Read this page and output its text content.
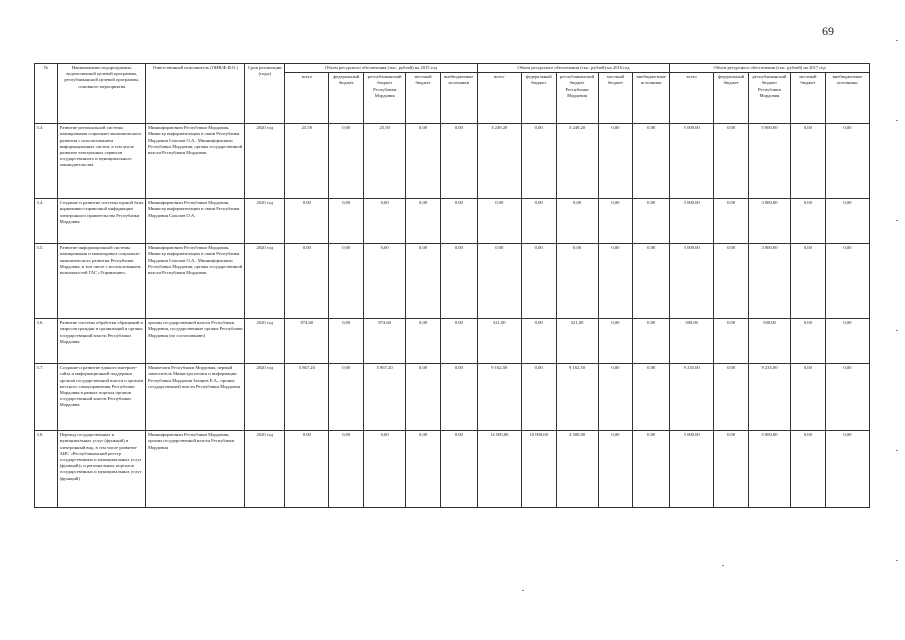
69
№	Наименование подпрограммы, ведомственной целевой программы, республиканской целевой программы, основного мероприятия	Ответственный исполнитель (ОИВ/Ф.И.О.)	Срок реализации (годы)	Объем ресурсного обеспечения (тыс. рублей) на 2015 год					Объем ресурсного обеспечения (тыс. рублей) на 2016 год					Объем ресурсного обеспечения (тыс. рублей) на 2017 год				
				всего	федеральный бюджет	республиканский бюджет Республики Мордовия	местный бюджет	внебюджетные источники	всего	федеральный бюджет	республиканский бюджет Республики Мордовия	местный бюджет	внебюджетные источники	всего	федеральный бюджет	республиканский бюджет Республики Мордовия	местный бюджет	внебюджетные источники
3.3.	Развитие региональной системы планирования социально-экономического развития с использованием информационных систем, в том числе развитие электронных сервисов государственного и муниципального законодательства	Мининформсвязи Республики Мордовия, Министр информатизации и связи Республики Мордовия Соколов О.А., Мининформсвязи Республики Мордовия, органы государственной власти Республики Мордовия	2020 год	25,50	0,00	25,50	0,00	0,00	3 249,20	0,00	3 249,20	0,00	0,00	5 000,00	0,00	5 000,00	0,00	0,00
3.4.	Создание и развитие системы единой базы нормативно-справочной информации электронного правительства Республики Мордовия	Мининформсвязи Республики Мордовия, Министр информатизации и связи Республики Мордовия Соколов О.А.	2020 год	0,00	0,00	0,00	0,00	0,00	0,00	0,00	0,00	0,00	0,00	3 000,00	0,00	3 000,00	0,00	0,00
3.5.	Развитие информационной системы планирования и мониторинга социально-экономического развития Республики Мордовия, в том числе с использованием возможностей ГАС «Управление»	Мининформсвязи Республики Мордовия, Министр информатизации и связи Республики Мордовия Соколов О.А., Мининформсвязи Республики Мордовия, органы государственной власти Республики Мордовия	2020 год	0,00	0,00	0,00	0,00	0,00	0,00	0,00	0,00	0,00	0,00	3 000,00	0,00	3 000,00	0,00	0,00
3.6.	Развитие системы обработки обращений и запросов граждан и организаций в органы государственной власти Республики Мордовия	органы государственной власти Республики Мордовия, государственные органы Республики Мордовия (по согласованию)	2020 год	874,60	0,00	874,60	0,00	0,00	321,00	0,00	321,00	0,00	0,00	500,00	0,00	500,00	0,00	0,00
3.7.	Создание и развитие единого интернет-сайта и информационной поддержки органов государственной власти и органов местного самоуправления Республики Мордовия в рамках портала органов государственной власти Республики Мордовия	Минпечати Республики Мордовия, первый заместитель Министра печати и информации Республики Мордовия Захаров Е.А., органы государственной власти Республики Мордовия	2020 год	5 867,20	0,00	5 867,20	0,00	0,00	9 162,50	0,00	9 162,50	0,00	0,00	9 235,00	0,00	9 235,00	0,00	0,00
3.8.	Перевод государственных и муниципальных услуг (функций) в электронный вид, в том числе развитие АИС «Республиканский реестр государственных и муниципальных услуг (функций)» и региональных порталов государственных и муниципальных услуг (функций)	Мининформсвязи Республики Мордовия, органы государственной власти Республики Мордовия	2020 год	0,00	0,00	0,00	0,00	0,00	14 500,00	10 000,00	4 500,00	0,00	0,00	5 000,00	0,00	5 000,00	0,00	0,00
